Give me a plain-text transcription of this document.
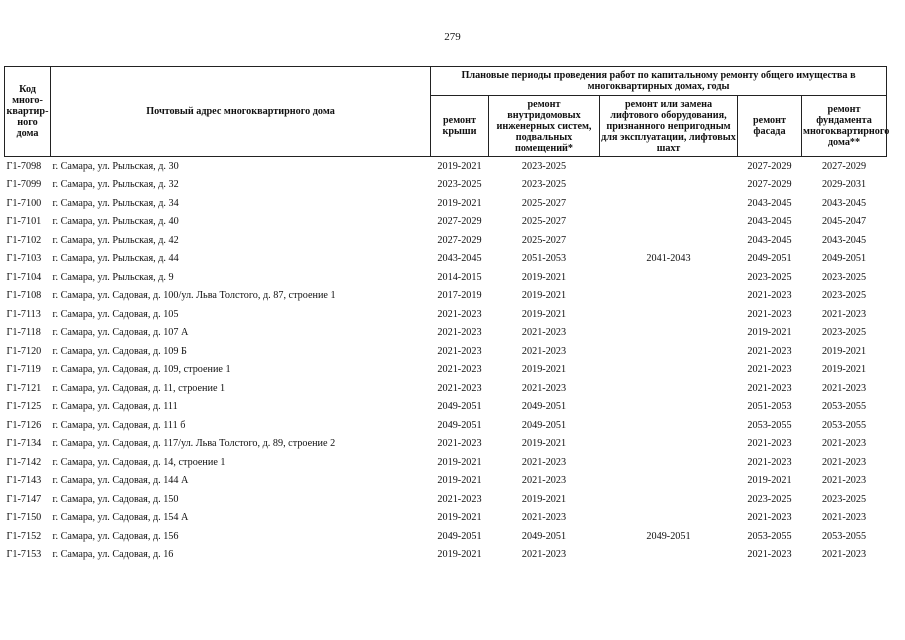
279
Код много-квартир-ного дома	Почтовый адрес многоквартирного дома	Плановые периоды проведения работ по капитальному ремонту общего имущества в многоквартирных домах, годы				
		ремонт крыши	ремонт внутридомовых инженерных систем, подвальных помещений*	ремонт или замена лифтового оборудования, признанного непригодным для эксплуатации, лифтовых шахт	ремонт фасада	ремонт фундамента многоквартирного дома**
Г1-7098	г. Самара, ул. Рыльская, д. 30	2019-2021	2023-2025		2027-2029	2027-2029
Г1-7099	г. Самара, ул. Рыльская, д. 32	2023-2025	2023-2025		2027-2029	2029-2031
Г1-7100	г. Самара, ул. Рыльская, д. 34	2019-2021	2025-2027		2043-2045	2043-2045
Г1-7101	г. Самара, ул. Рыльская, д. 40	2027-2029	2025-2027		2043-2045	2045-2047
Г1-7102	г. Самара, ул. Рыльская, д. 42	2027-2029	2025-2027		2043-2045	2043-2045
Г1-7103	г. Самара, ул. Рыльская, д. 44	2043-2045	2051-2053	2041-2043	2049-2051	2049-2051
Г1-7104	г. Самара, ул. Рыльская, д. 9	2014-2015	2019-2021		2023-2025	2023-2025
Г1-7108	г. Самара, ул. Садовая, д. 100/ул. Льва Толстого, д. 87, строение 1	2017-2019	2019-2021		2021-2023	2023-2025
Г1-7113	г. Самара, ул. Садовая, д. 105	2021-2023	2019-2021		2021-2023	2021-2023
Г1-7118	г. Самара, ул. Садовая, д. 107 А	2021-2023	2021-2023		2019-2021	2023-2025
Г1-7120	г. Самара, ул. Садовая, д. 109 Б	2021-2023	2021-2023		2021-2023	2019-2021
Г1-7119	г. Самара, ул. Садовая, д. 109, строение 1	2021-2023	2019-2021		2021-2023	2019-2021
Г1-7121	г. Самара, ул. Садовая, д. 11, строение 1	2021-2023	2021-2023		2021-2023	2021-2023
Г1-7125	г. Самара, ул. Садовая, д. 111	2049-2051	2049-2051		2051-2053	2053-2055
Г1-7126	г. Самара, ул. Садовая, д. 111 б	2049-2051	2049-2051		2053-2055	2053-2055
Г1-7134	г. Самара, ул. Садовая, д. 117/ул. Льва Толстого, д. 89, строение 2	2021-2023	2019-2021		2021-2023	2021-2023
Г1-7142	г. Самара, ул. Садовая, д. 14, строение 1	2019-2021	2021-2023		2021-2023	2021-2023
Г1-7143	г. Самара, ул. Садовая, д. 144 А	2019-2021	2021-2023		2019-2021	2021-2023
Г1-7147	г. Самара, ул. Садовая, д. 150	2021-2023	2019-2021		2023-2025	2023-2025
Г1-7150	г. Самара, ул. Садовая, д. 154 А	2019-2021	2021-2023		2021-2023	2021-2023
Г1-7152	г. Самара, ул. Садовая, д. 156	2049-2051	2049-2051	2049-2051	2053-2055	2053-2055
Г1-7153	г. Самара, ул. Садовая, д. 16	2019-2021	2021-2023		2021-2023	2021-2023
